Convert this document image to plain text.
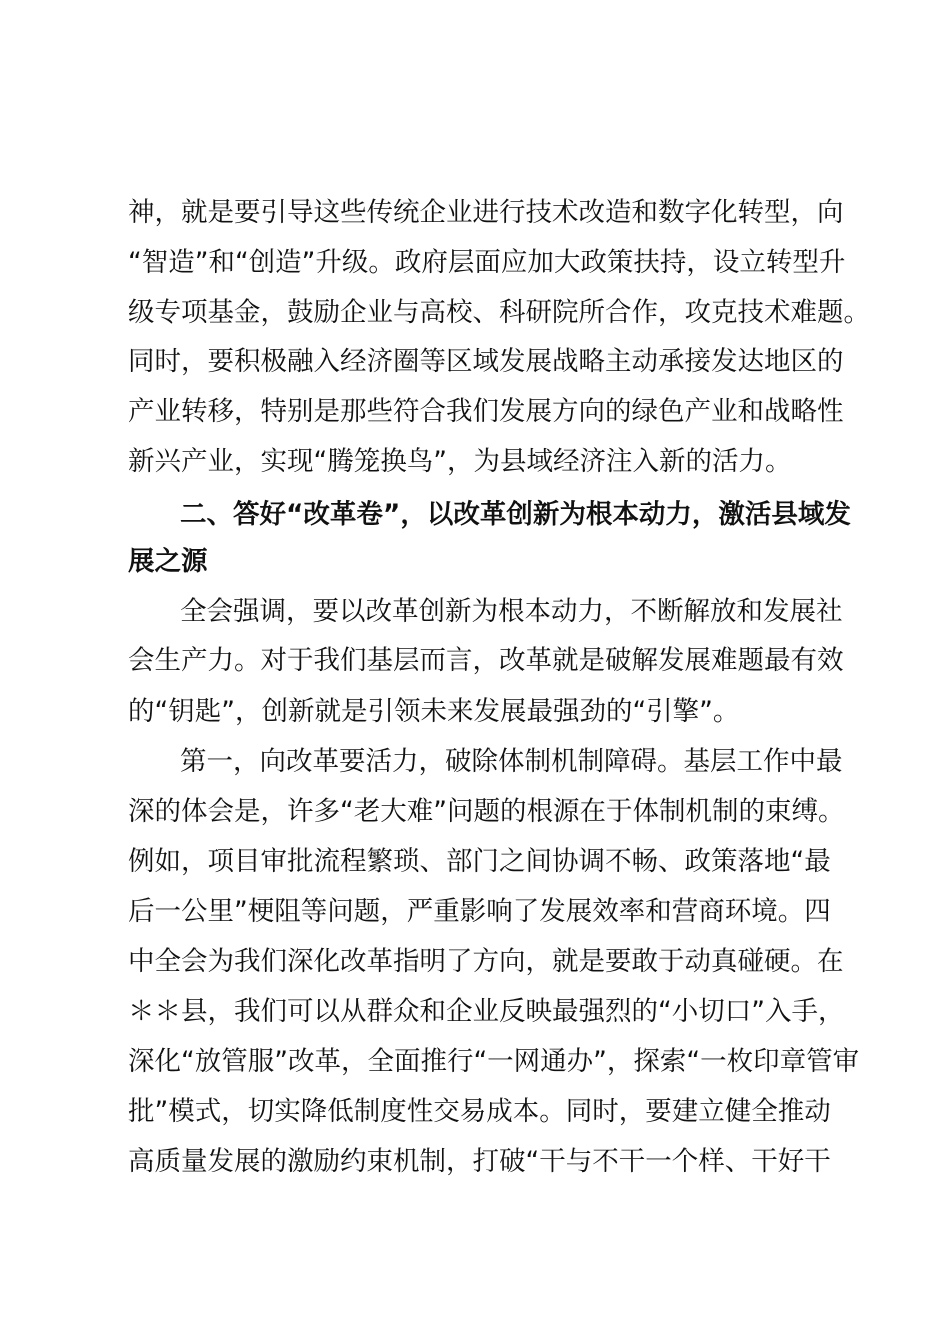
神，就是要引导这些传统企业进行技术改造和数字化转型，向
“智造”和“创造”升级。政府层面应加大政策扶持，设立转型升
级专项基金，鼓励企业与高校、科研院所合作，攻克技术难题。
同时，要积极融入经济圈等区域发展战略主动承接发达地区的
产业转移，特别是那些符合我们发展方向的绿色产业和战略性
新兴产业，实现“腾笼换鸟”，为县域经济注入新的活力。
二、答好“改革卷”，以改革创新为根本动力，激活县域发
展之源
全会强调，要以改革创新为根本动力，不断解放和发展社
会生产力。对于我们基层而言，改革就是破解发展难题最有效
的“钥匙”，创新就是引领未来发展最强劲的“引擎”。
第一，向改革要活力，破除体制机制障碍。基层工作中最
深的体会是，许多“老大难”问题的根源在于体制机制的束缚。
例如，项目审批流程繁琐、部门之间协调不畅、政策落地“最
后一公里”梗阻等问题，严重影响了发展效率和营商环境。四
中全会为我们深化改革指明了方向，就是要敢于动真碰硬。在
＊＊县，我们可以从群众和企业反映最强烈的“小切口”入手，
深化“放管服”改革，全面推行“一网通办”，探索“一枚印章管审
批”模式，切实降低制度性交易成本。同时，要建立健全推动
高质量发展的激励约束机制，打破“干与不干一个样、干好干
